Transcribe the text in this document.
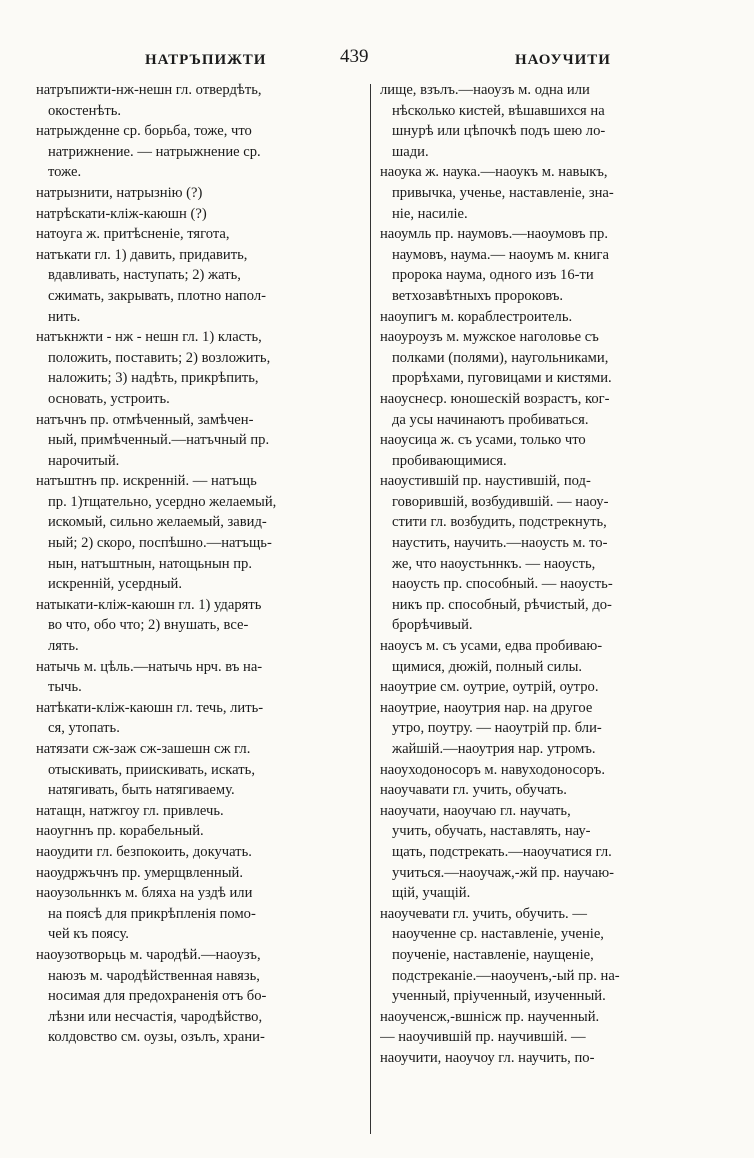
НАТРЪПИЖТИ	439	НАОУЧИТИ
натръпижти-нж-нешн гл. отвердѣть,
окостенѣть.
натрыжденне ср. борьба, тоже, что
натрижнение. — натрыжнение ср.
тоже.
натрызнити, натрызнію (?)
натрѣскати-кліж-каюшн (?)
натоуга ж. притѣсненіе, тягота,
натъкати гл. 1) давить, придавить,
вдавливать, наступать; 2) жать,
сжимать, закрывать, плотно напол-
нить.
натъкнжти - нж - нешн гл. 1) класть,
положить, поставить; 2) возложить,
наложить; 3) надѣть, прикрѣпить,
основать, устроить.
натъчнъ пр. отмѣченный, замѣчен-
ный, примѣченный.—натъчный пр.
нарочитый.
натъштнъ пр. искренній. — натъщь
пр. 1)тщательно, усердно желаемый,
искомый, сильно желаемый, завид-
ный; 2) скоро, поспѣшно.—натъщь-
нын, натъштнын, натощьнын пр.
искренній, усердный.
натыкати-кліж-каюшн гл. 1) ударять
во что, обо что; 2) внушать, все-
лять.
натычь м. цѣль.—натычь нрч. въ на-
тычь.
натѣкати-кліж-каюшн гл. течь, лить-
ся, утопать.
натязати сж-заж сж-зашешн сж гл.
отыскивать, приискивать, искать,
натягивать, быть натягиваему.
натащн, натжгоу гл. привлечь.
наоугннъ пр. корабельный.
наоудити гл. безпокоить, докучать.
наоудржъчнъ пр. умерщвленный.
наоузольннкъ м. бляха на уздѣ или
на поясѣ для прикрѣпленія помо-
чей къ поясу.
наоузотворьць м. чародѣй.—наоузъ,
наюзъ м. чародѣйственная навязь,
носимая для предохраненія отъ бо-
лѣзни или несчастія, чародѣйство,
колдовство см. оузы, озълъ, храни-
лище, взълъ.—наоузъ м. одна или
нѣсколько кистей, вѣшавшихся на
шнурѣ или цѣпочкѣ подъ шею ло-
шади.
наоука ж. наука.—наоукъ м. навыкъ,
привычка, ученье, наставленіе, зна-
ніе, насиліе.
наоумль пр. наумовъ.—наоумовъ пр.
наумовъ, наума.— наоумъ м. книга
пророка наума, одного изъ 16-ти
ветхозавѣтныхъ пророковъ.
наоупигъ м. кораблестроитель.
наоуроузъ м. мужское наголовье съ
полками (полями), наугольниками,
прорѣхами, пуговицами и кистями.
наоуснеср. юношескій возрастъ, ког-
да усы начинаютъ пробиваться.
наоусица ж. съ усами, только что
пробивающимися.
наоустившій пр. наустившій, под-
говорившій, возбудившій. — наоу-
стити гл. возбудить, подстрекнуть,
наустить, научить.—наоусть м. то-
же, что наоустьннкъ. — наоусть,
наоусть пр. способный. — наоусть-
никъ пр. способный, рѣчистый, до-
брорѣчивый.
наоусъ м. съ усами, едва пробиваю-
щимися, дюжій, полный силы.
наоутрие см. оутрие, оутрій, оутро.
наоутрие, наоутрия нар. на другое
утро, поутру. — наоутрій пр. бли-
жайшій.—наоутрия нар. утромъ.
наоуходоносоръ м. навуходоносоръ.
наоучавати гл. учить, обучать.
наоучати, наоучаю гл. научать,
учить, обучать, наставлять, нау-
щать, подстрекать.—наоучатися гл.
учиться.—наоучаж,-жй пр. научаю-
щій, учащій.
наоучевати гл. учить, обучить. —
наоученне ср. наставленіе, ученіе,
поученіе, наставленіе, наущеніе,
подстреканіе.—наоученъ,-ый пр. на-
ученный, пріученный, изученный.
наоученсж,-вшнісж пр. наученный.
— наоучившій пр. научившій. —
наоучити, наоучоу гл. научить, по-
